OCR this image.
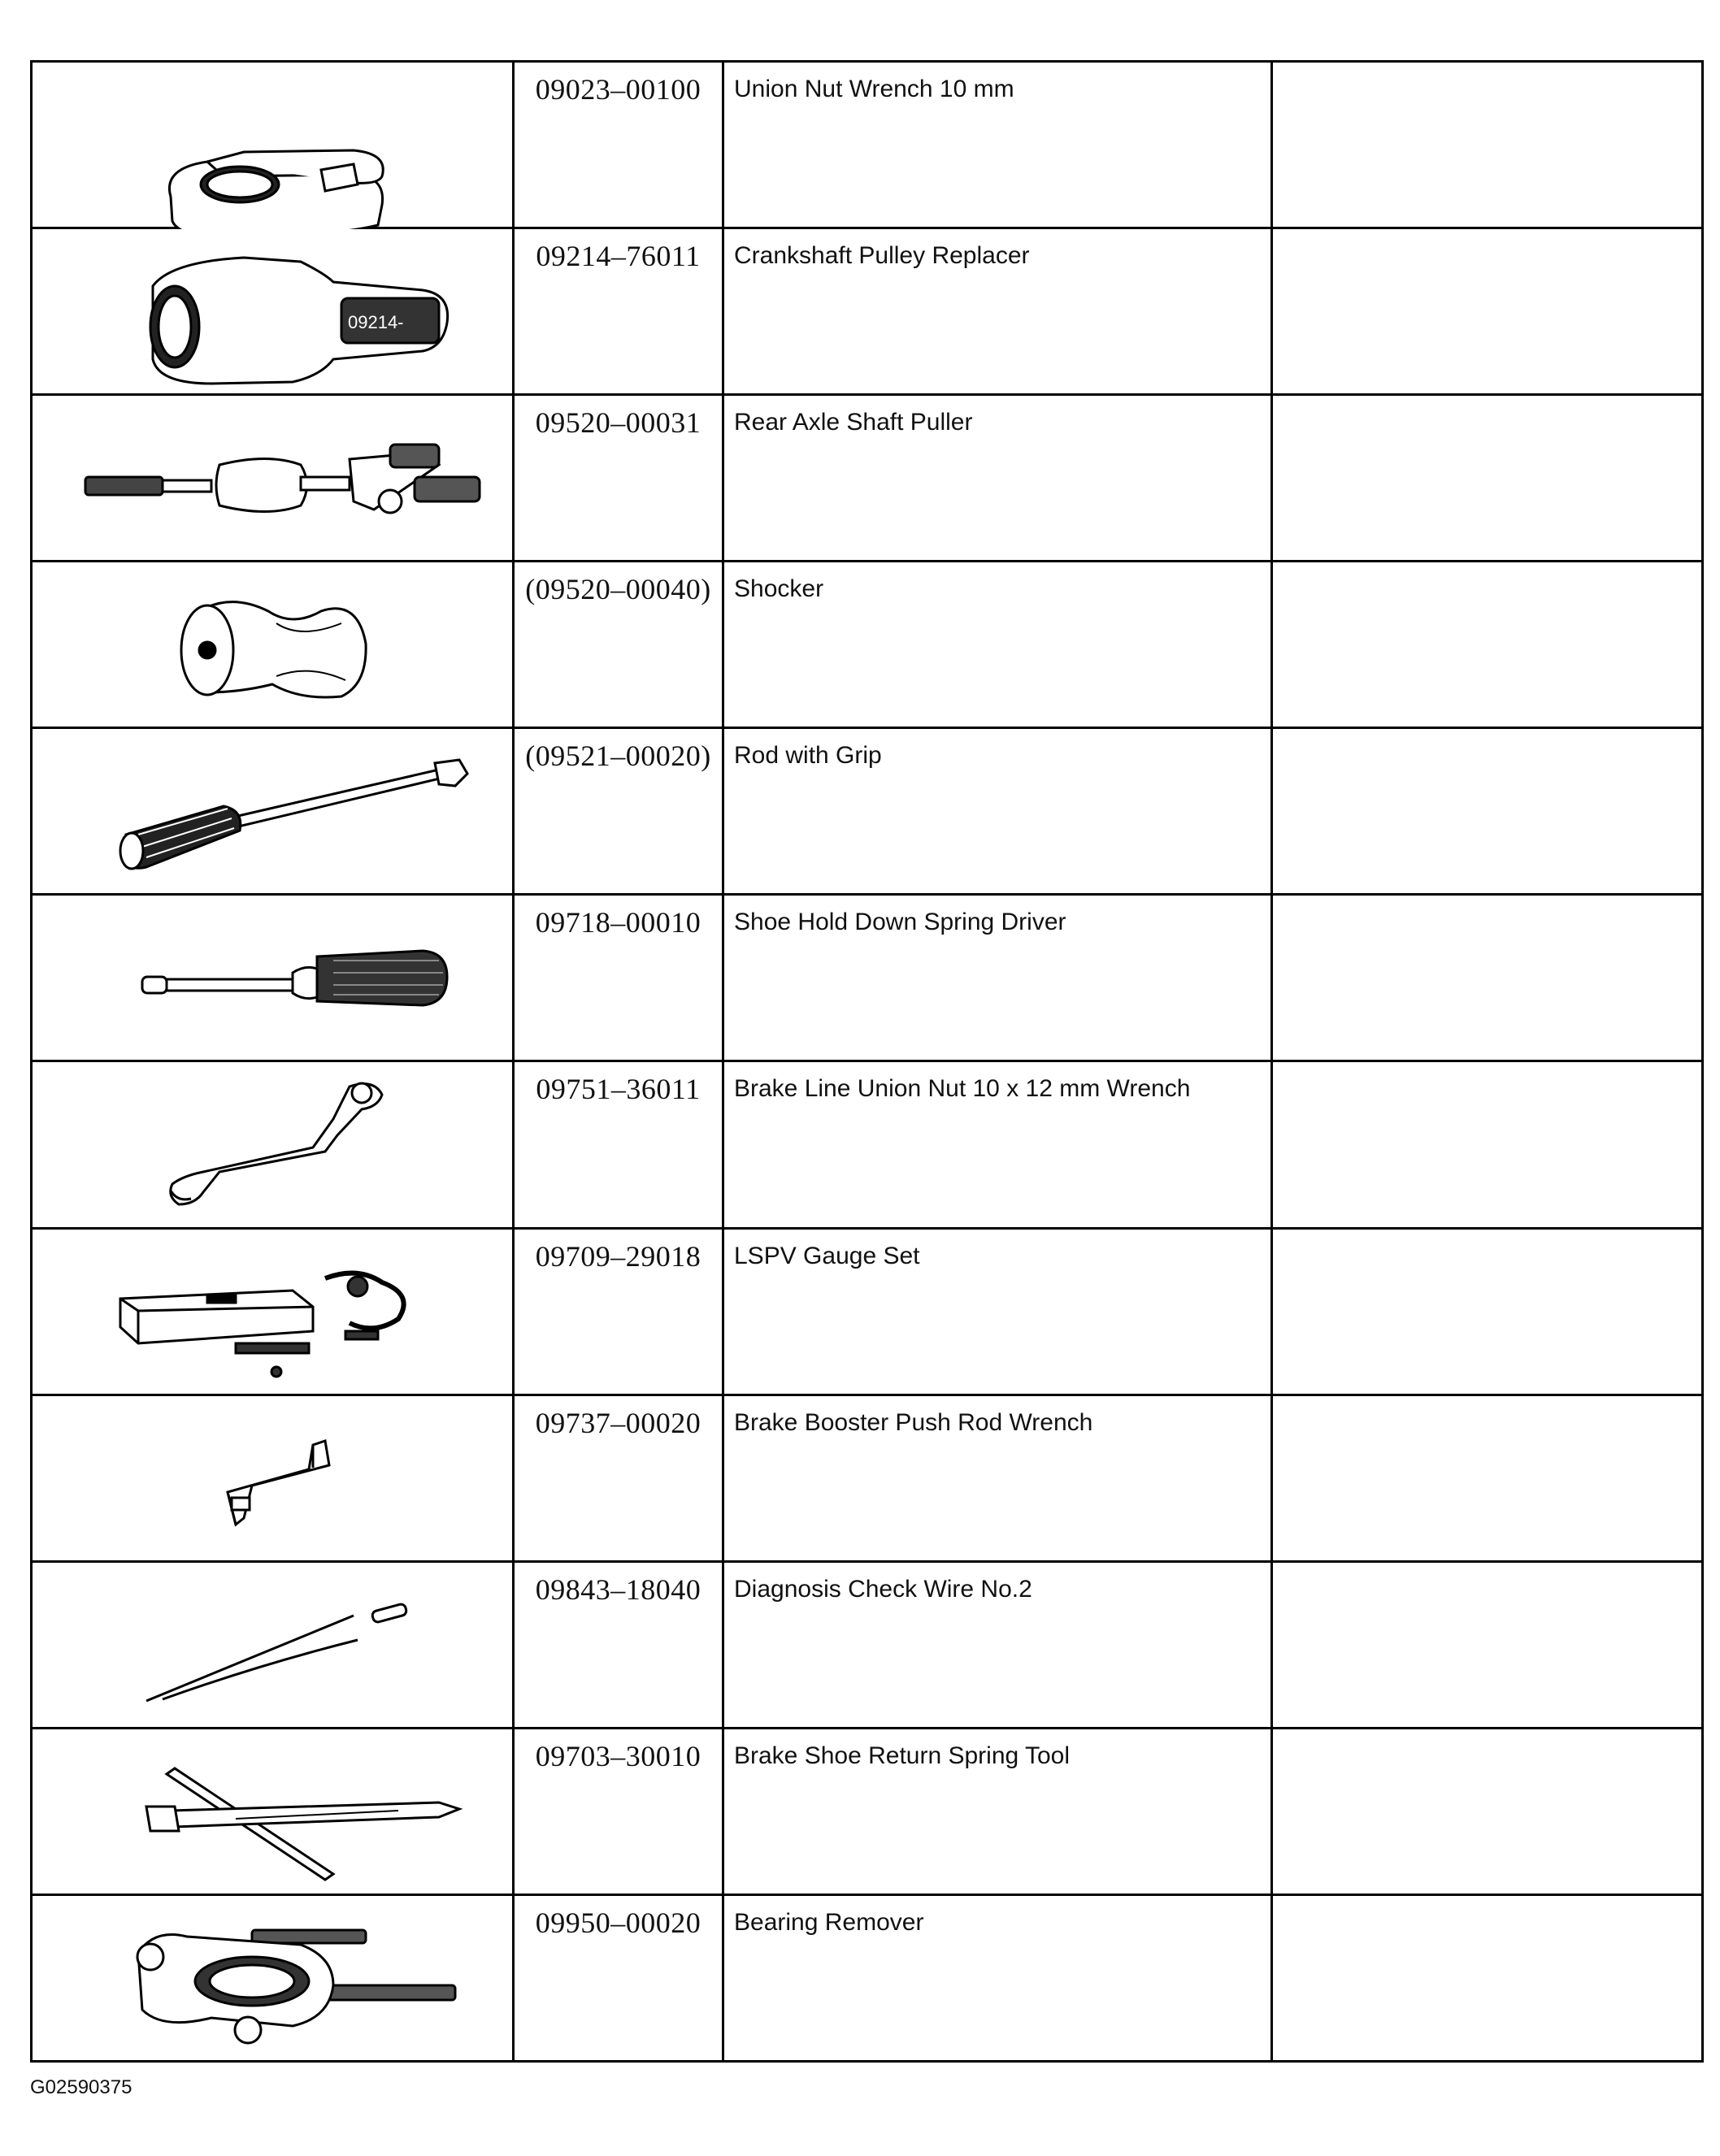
09023–00100	Union Nut Wrench 10 mm	

09214-	09214–76011	Crankshaft Pulley Replacer	

09520–00031	Rear Axle Shaft Puller	

(09520–00040)	Shocker	

(09521–00020)	Rod with Grip	

09718–00010	Shoe Hold Down Spring Driver	

09751–36011	Brake Line Union Nut 10 x 12 mm Wrench	

09709–29018	LSPV Gauge Set	

09737–00020	Brake Booster Push Rod Wrench	

09843–18040	Diagnosis Check Wire No.2	

09703–30010	Brake Shoe Return Spring Tool	

09950–00020	Bearing Remover	

G02590375
